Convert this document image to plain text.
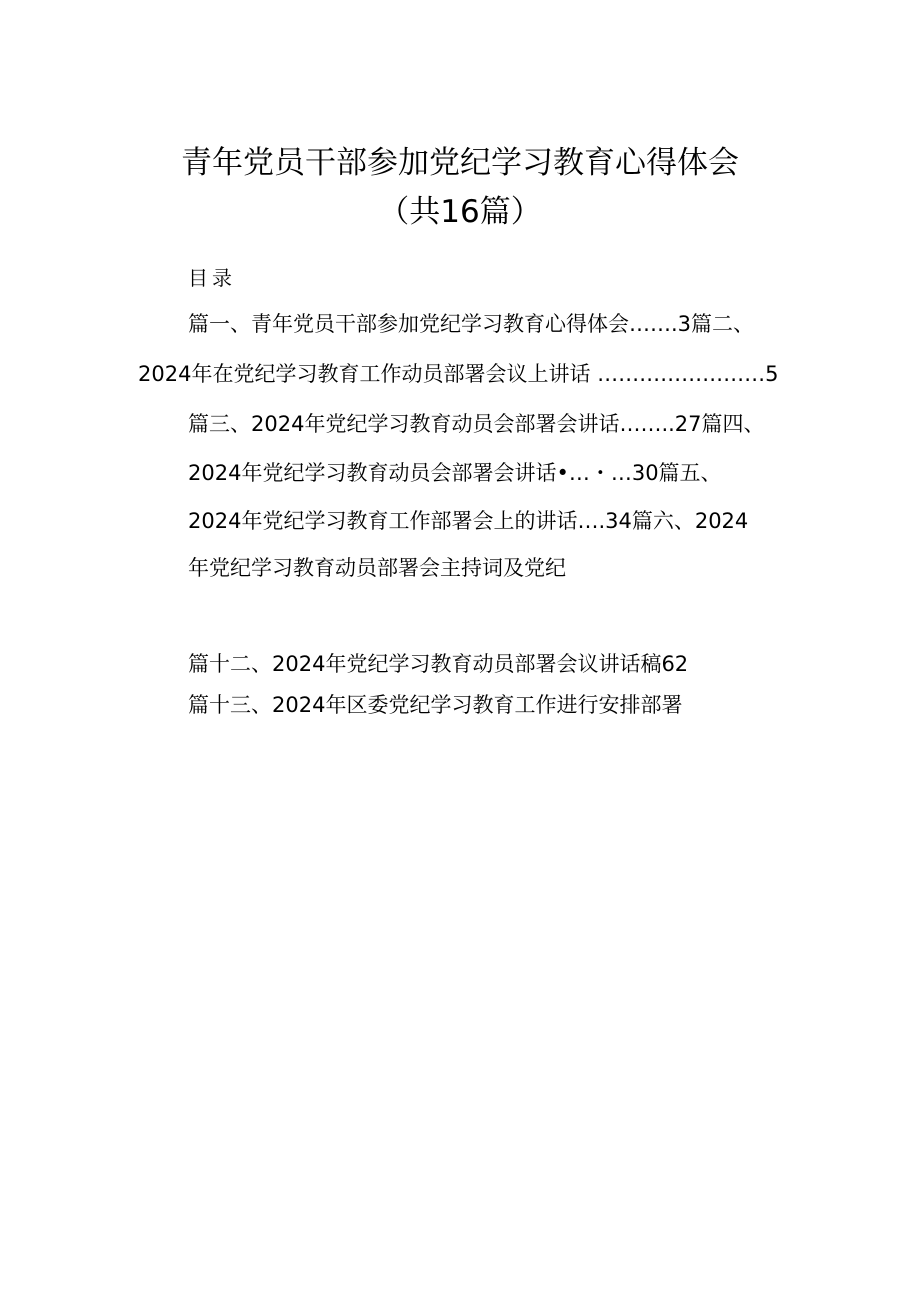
青年党员干部参加党纪学习教育心得体会
（共16篇）
目录
篇一、青年党员干部参加党纪学习教育心得体会…….3篇二、
2024年在党纪学习教育工作动员部署会议上讲话 ……………………5
篇三、2024年党纪学习教育动员会部署会讲话……..27篇四、
2024年党纪学习教育动员会部署会讲话•…・…30篇五、
2024年党纪学习教育工作部署会上的讲话….34篇六、2024
年党纪学习教育动员部署会主持词及党纪
篇十二、2024年党纪学习教育动员部署会议讲话稿62
篇十三、2024年区委党纪学习教育工作进行安排部署
